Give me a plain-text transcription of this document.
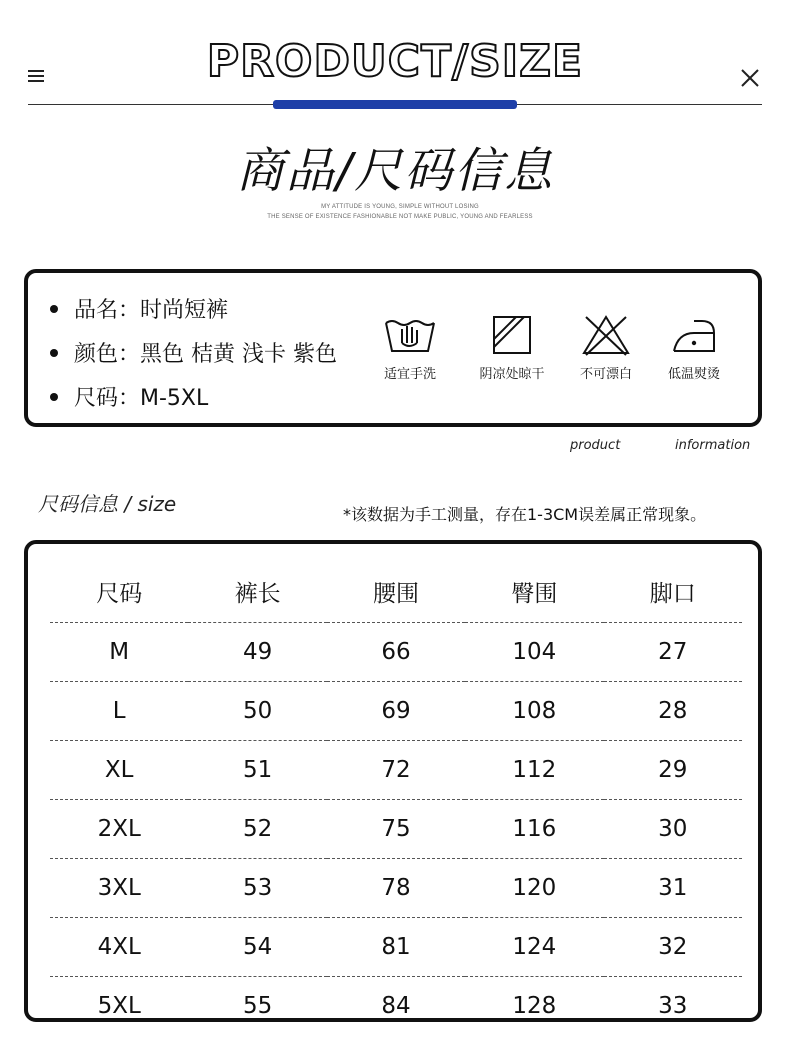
PRODUCT/SIZE
商品/尺码信息
MY ATTITUDE IS YOUNG, SIMPLE WITHOUT LOSING
THE SENSE OF EXISTENCE FASHIONABLE NOT MAKE PUBLIC, YOUNG AND FEARLESS
品名：时尚短裤
颜色：黑色 桔黄 浅卡 紫色
尺码：M-5XL
适宜手洗	阴凉处晾干	不可漂白	低温熨烫
product	information
尺码信息 / size	*该数据为手工测量，存在1-3CM误差属正常现象。
尺码	裤长	腰围	臀围	脚口
M	49	66	104	27
L	50	69	108	28
XL	51	72	112	29
2XL	52	75	116	30
3XL	53	78	120	31
4XL	54	81	124	32
5XL	55	84	128	33
